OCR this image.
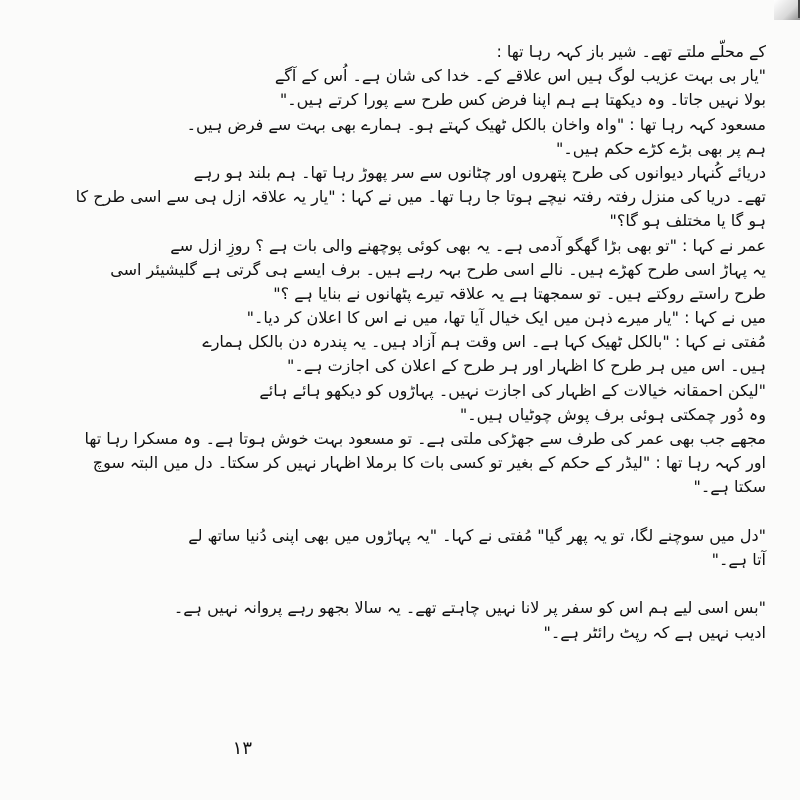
کے محلّے ملتے تھے۔ شیر باز کہہ رہا تھا :
"یار بی بہت عزیب لوگ ہیں اس علاقے کے۔ خدا کی شان ہے۔ اُس کے آگے
بولا نہیں جاتا۔ وہ دیکھتا ہے ہم اپنا فرض کس طرح سے پورا کرتے ہیں۔"
مسعود کہہ رہا تھا : "واہ واخان بالکل ٹھیک کہتے ہو۔ ہمارے بھی بہت سے فرض ہیں۔
ہم پر بھی بڑے کڑے حکم ہیں۔"
دریائے کُنہار دیوانوں کی طرح پتھروں اور چٹانوں سے سر پھوڑ رہا تھا۔ ہم بلند ہو رہے
تھے۔ دریا کی منزل رفتہ رفتہ نیچے ہوتا جا رہا تھا۔ میں نے کہا : "یار یہ علاقہ ازل ہی سے اسی طرح کا
ہو گا یا مختلف ہو گا؟"
عمر نے کہا : "تو بھی بڑا گھگو آدمی ہے۔ یہ بھی کوئی پوچھنے والی بات ہے ؟ روزِ ازل سے
یہ پہاڑ اسی طرح کھڑے ہیں۔ نالے اسی طرح بہہ رہے ہیں۔ برف ایسے ہی گرتی ہے گلیشیئر اسی
طرح راستے روکتے ہیں۔ تو سمجھتا ہے یہ علاقہ تیرے پٹھانوں نے بنایا ہے ؟"
میں نے کہا : "یار میرے ذہن میں ایک خیال آیا تھا، میں نے اس کا اعلان کر دیا۔"
مُفتی نے کہا : "بالکل ٹھیک کہا ہے۔ اس وقت ہم آزاد ہیں۔ یہ پندرہ دن بالکل ہمارے
ہیں۔ اس میں ہر طرح کا اظہار اور ہر طرح کے اعلان کی اجازت ہے۔"
"لیکن احمقانہ خیالات کے اظہار کی اجازت نہیں۔ پہاڑوں کو دیکھو ہائے ہائے
وہ دُور چمکتی ہوئی برف پوش چوٹیاں ہیں۔"
مجھے جب بھی عمر کی طرف سے جھڑکی ملتی ہے۔ تو مسعود بہت خوش ہوتا ہے۔ وہ مسکرا رہا تھا
اور کہہ رہا تھا : "لیڈر کے حکم کے بغیر تو کسی بات کا برملا اظہار نہیں کر سکتا۔ دل میں البتہ سوچ
سکتا ہے۔"
"دل میں سوچنے لگا، تو یہ پھر گیا" مُفتی نے کہا۔ "یہ پہاڑوں میں بھی اپنی دُنیا ساتھ لے
آتا ہے۔"
"بس اسی لیے ہم اس کو سفر پر لانا نہیں چاہتے تھے۔ یہ سالا بجھو رہے پروانہ نہیں ہے۔
ادیب نہیں ہے کہ رپٹ رائٹر ہے۔"
۱۳
